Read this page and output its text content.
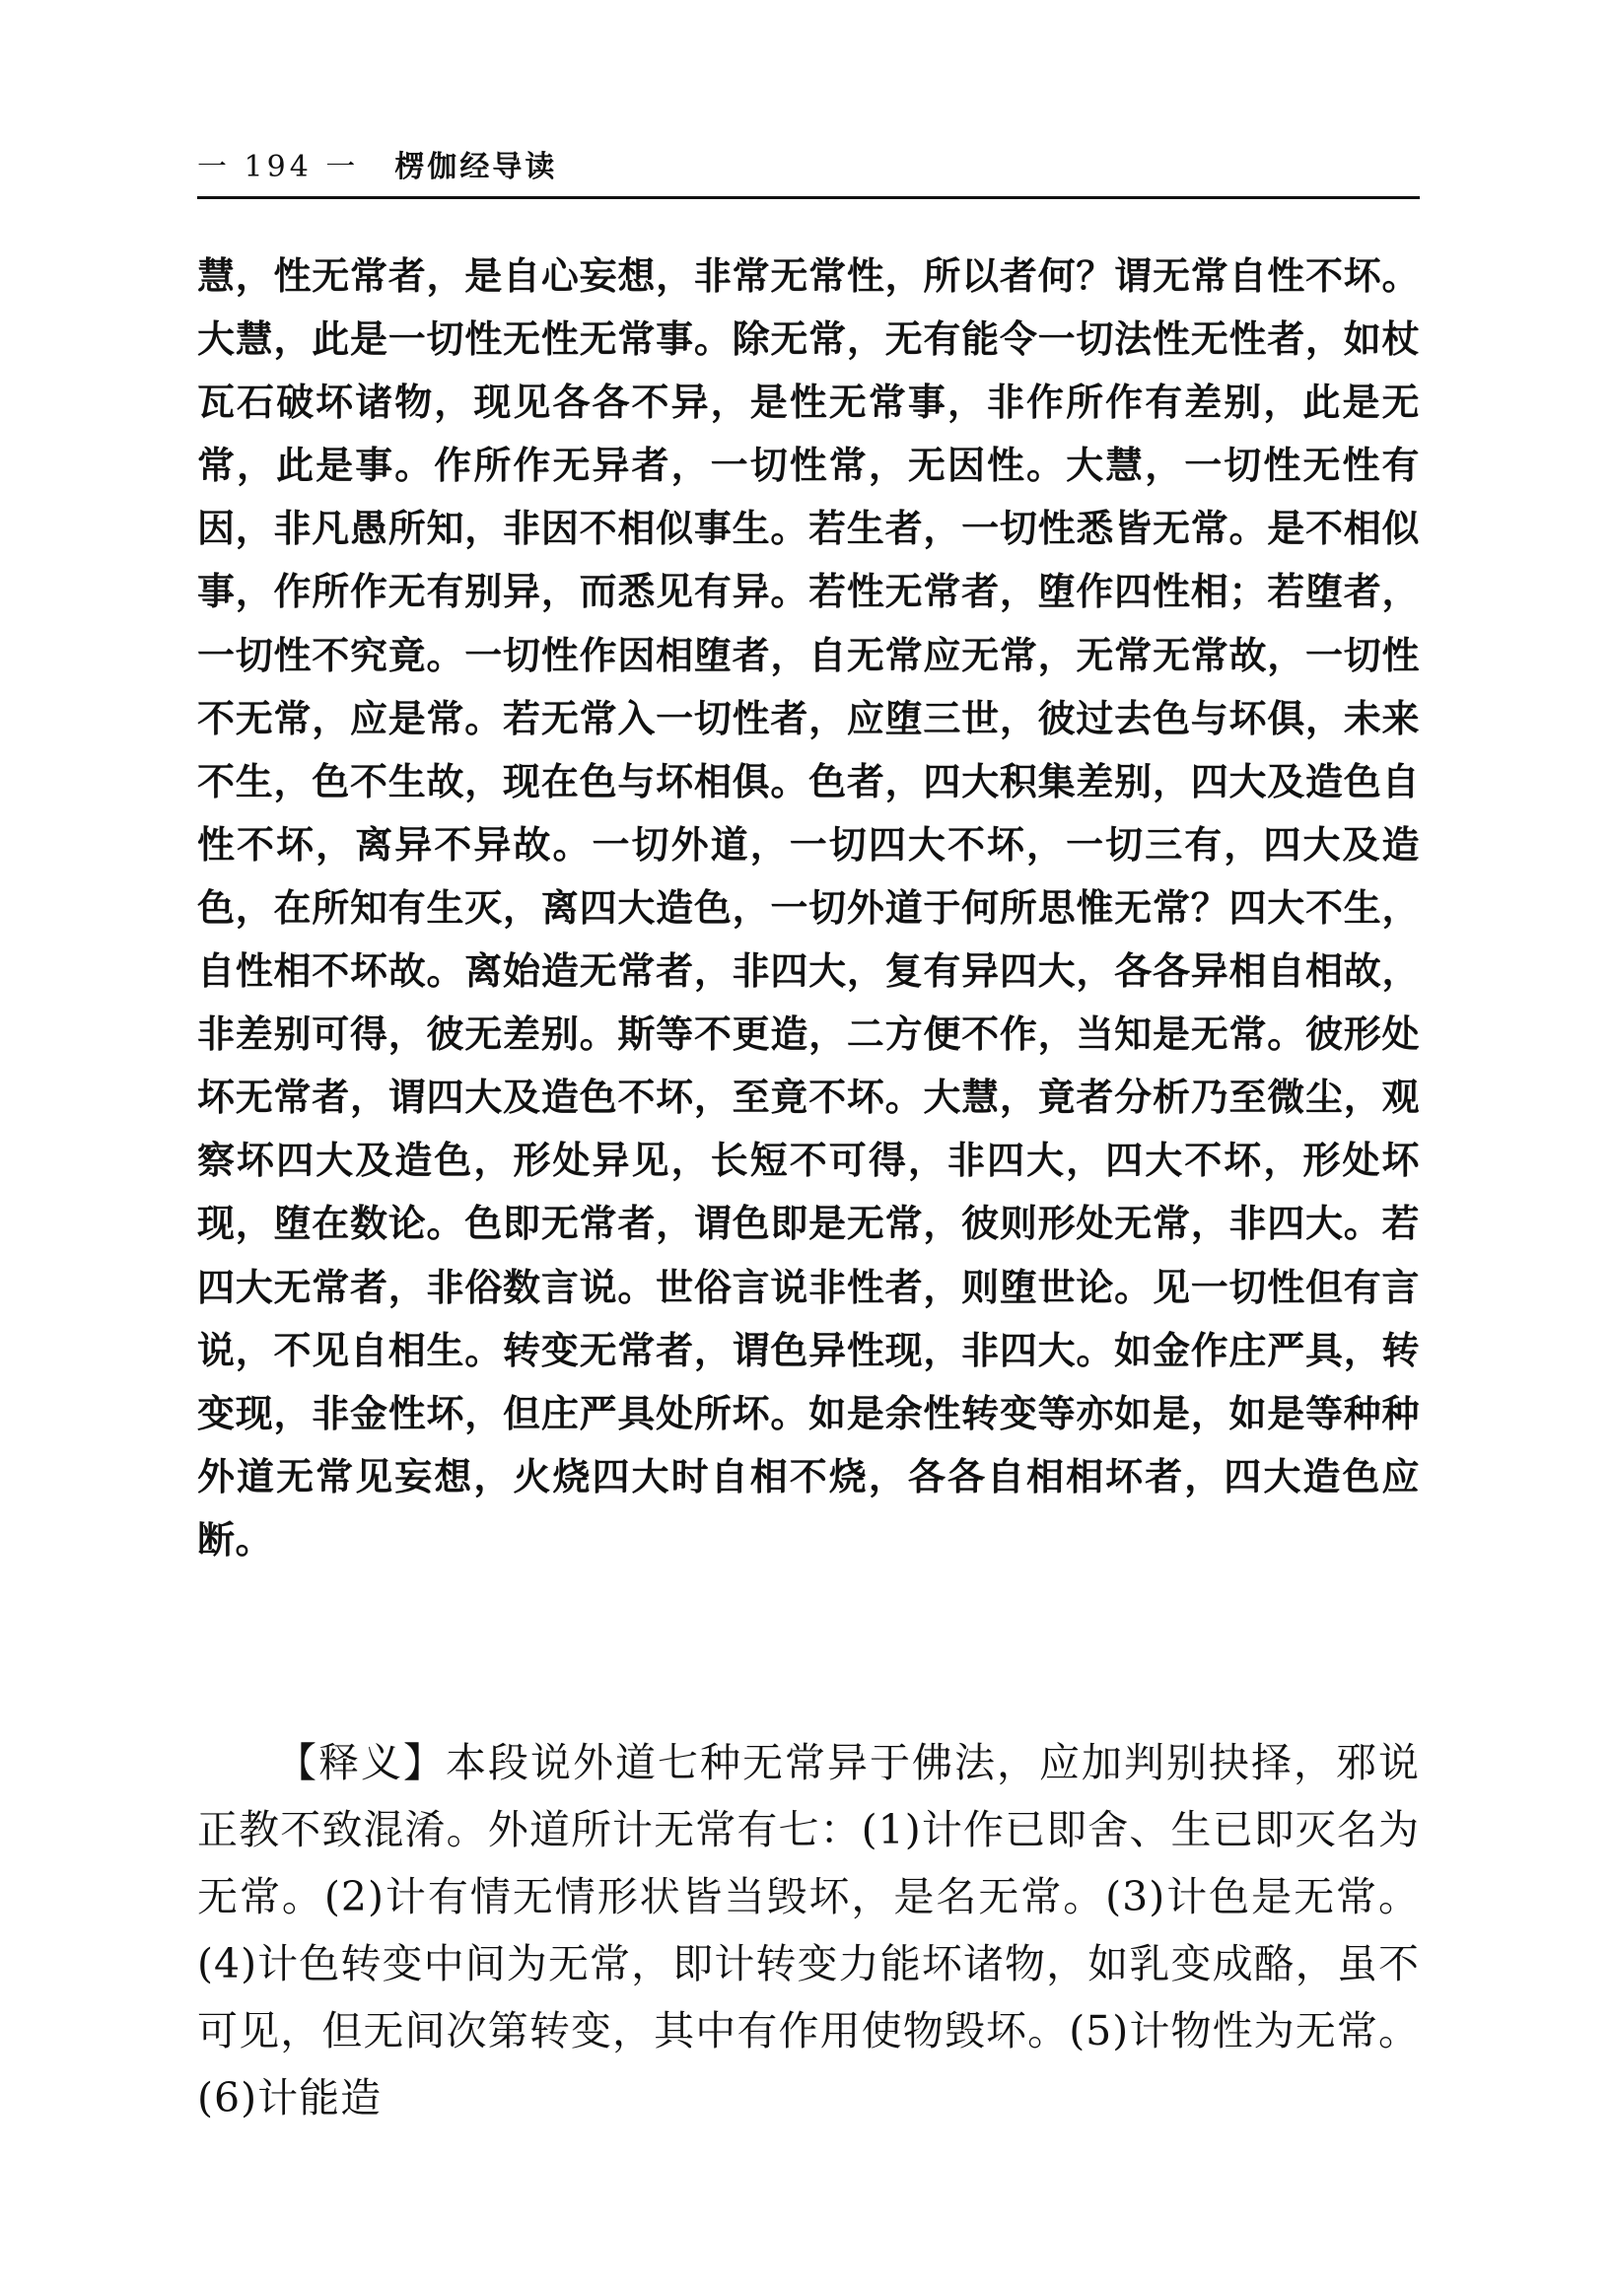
一 194 一 楞伽经导读

慧，性无常者，是自心妄想，非常无常性，所以者何？谓无常自性不坏。大慧，此是一切性无性无常事。除无常，无有能令一切法性无性者，如杖瓦石破坏诸物，现见各各不异，是性无常事，非作所作有差别，此是无常，此是事。作所作无异者，一切性常，无因性。大慧，一切性无性有因，非凡愚所知，非因不相似事生。若生者，一切性悉皆无常。是不相似事，作所作无有别异，而悉见有异。若性无常者，堕作四性相；若堕者，一切性不究竟。一切性作因相堕者，自无常应无常，无常无常故，一切性不无常，应是常。若无常入一切性者，应堕三世，彼过去色与坏俱，未来不生，色不生故，现在色与坏相俱。色者，四大积集差别，四大及造色自性不坏，离异不异故。一切外道，一切四大不坏，一切三有，四大及造色，在所知有生灭，离四大造色，一切外道于何所思惟无常？四大不生，自性相不坏故。离始造无常者，非四大，复有异四大，各各异相自相故，非差别可得，彼无差别。斯等不更造，二方便不作，当知是无常。彼形处坏无常者，谓四大及造色不坏，至竟不坏。大慧，竟者分析乃至微尘，观察坏四大及造色，形处异见，长短不可得，非四大，四大不坏，形处坏现，堕在数论。色即无常者，谓色即是无常，彼则形处无常，非四大。若四大无常者，非俗数言说。世俗言说非性者，则堕世论。见一切性但有言说，不见自相生。转变无常者，谓色异性现，非四大。如金作庄严具，转变现，非金性坏，但庄严具处所坏。如是余性转变等亦如是，如是等种种外道无常见妄想，火烧四大时自相不烧，各各自相相坏者，四大造色应断。

【释义】本段说外道七种无常异于佛法，应加判别抉择，邪说正教不致混淆。外道所计无常有七：(1)计作已即舍、生已即灭名为无常。(2)计有情无情形状皆当毁坏，是名无常。(3)计色是无常。(4)计色转变中间为无常，即计转变力能坏诸物，如乳变成酪，虽不可见，但无间次第转变，其中有作用使物毁坏。(5)计物性为无常。(6)计能造
